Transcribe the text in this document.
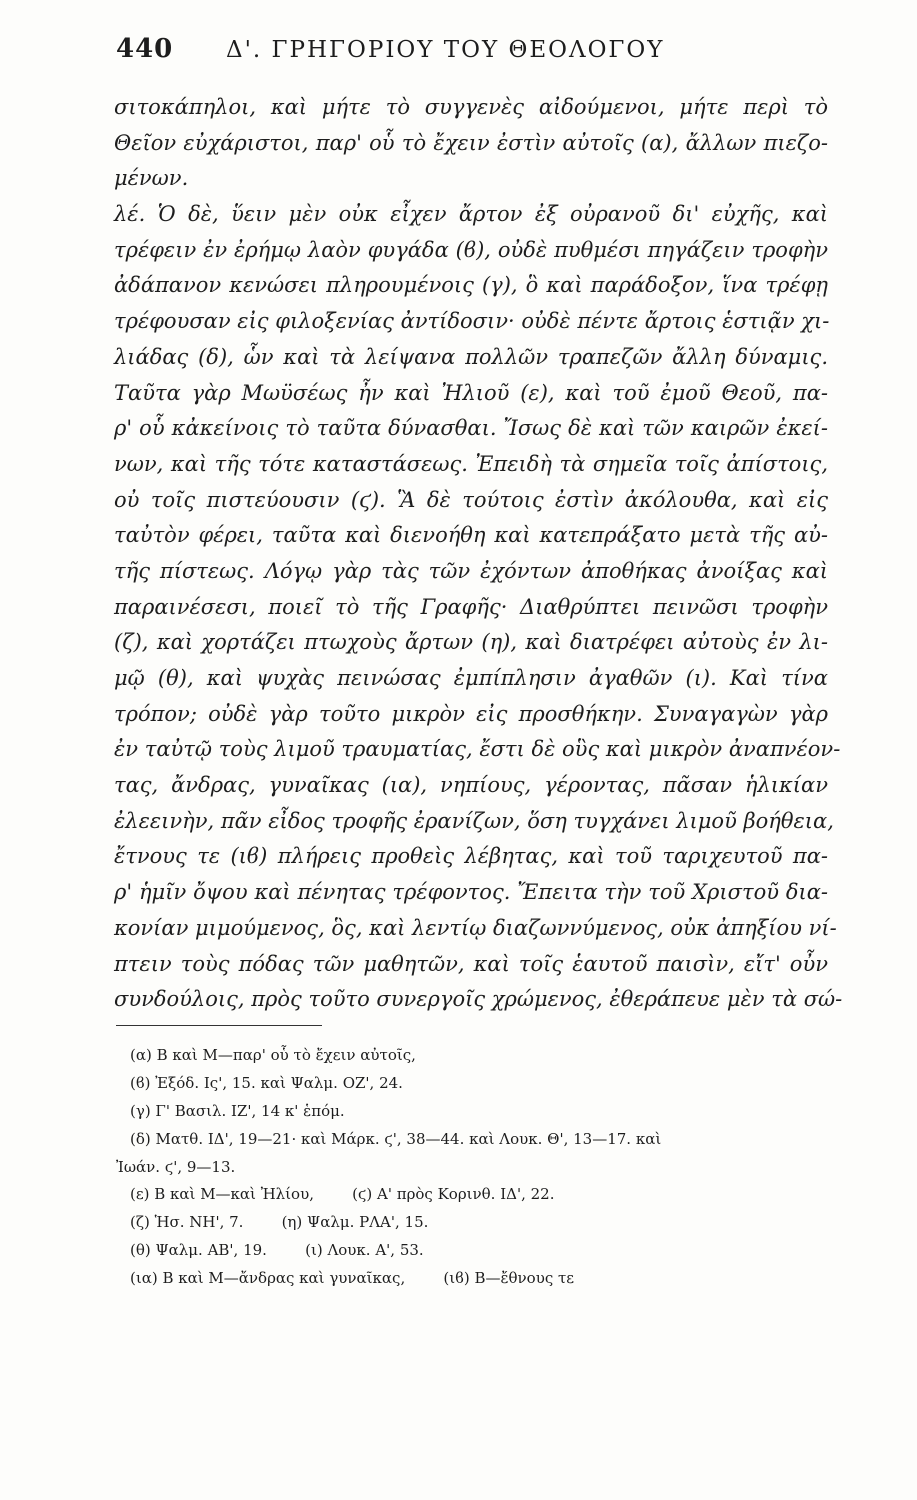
440 Δ'. ΓΡΗΓΟΡΙΟΥ ΤΟΥ ΘΕΟΛΟΓΟΥ
σιτοκάπηλοι, καὶ μήτε τὸ συγγενὲς αἰδούμενοι, μήτε περὶ τὸ
Θεῖον εὐχάριστοι, παρ' οὗ τὸ ἔχειν ἐστὶν αὐτοῖς (α), ἄλλων πιεζο-
μένων.
λέ. Ὁ δὲ, ὕειν μὲν οὐκ εἶχεν ἄρτον ἐξ οὐρανοῦ δι' εὐχῆς, καὶ
τρέφειν ἐν ἐρήμῳ λαὸν φυγάδα (ϐ), οὐδὲ πυθμέσι πηγάζειν τροφὴν
ἀδάπανον κενώσει πληρουμένοις (γ), ὃ καὶ παράδοξον, ἵνα τρέφῃ
τρέφουσαν εἰς φιλοξενίας ἀντίδοσιν· οὐδὲ πέντε ἄρτοις ἑστιᾷν χι-
λιάδας (δ), ὧν καὶ τὰ λείψανα πολλῶν τραπεζῶν ἄλλη δύναμις.
Ταῦτα γὰρ Μωϋσέως ἦν καὶ Ἠλιοῦ (ε), καὶ τοῦ ἐμοῦ Θεοῦ, πα-
ρ' οὗ κἀκείνοις τὸ ταῦτα δύνασθαι. Ἴσως δὲ καὶ τῶν καιρῶν ἐκεί-
νων, καὶ τῆς τότε καταστάσεως. Ἐπειδὴ τὰ σημεῖα τοῖς ἀπίστοις,
οὐ τοῖς πιστεύουσιν (ϛ). Ἃ δὲ τούτοις ἐστὶν ἀκόλουθα, καὶ εἰς
ταὐτὸν φέρει, ταῦτα καὶ διενοήθη καὶ κατεπράξατο μετὰ τῆς αὐ-
τῆς πίστεως. Λόγῳ γὰρ τὰς τῶν ἐχόντων ἀποθήκας ἀνοίξας καὶ
παραινέσεσι, ποιεῖ τὸ τῆς Γραφῆς· Διαθρύπτει πεινῶσι τροφὴν
(ζ), καὶ χορτάζει πτωχοὺς ἄρτων (η), καὶ διατρέφει αὐτοὺς ἐν λι-
μῷ (θ), καὶ ψυχὰς πεινώσας ἐμπίπλησιν ἀγαθῶν (ι). Καὶ τίνα
τρόπον; οὐδὲ γὰρ τοῦτο μικρὸν εἰς προσθήκην. Συναγαγὼν γὰρ
ἐν ταὐτῷ τοὺς λιμοῦ τραυματίας, ἔστι δὲ οὓς καὶ μικρὸν ἀναπνέον-
τας, ἄνδρας, γυναῖκας (ια), νηπίους, γέροντας, πᾶσαν ἡλικίαν
ἐλεεινὴν, πᾶν εἶδος τροφῆς ἐρανίζων, ὅση τυγχάνει λιμοῦ βοήθεια,
ἔτνους τε (ιϐ) πλήρεις προθεὶς λέβητας, καὶ τοῦ ταριχευτοῦ πα-
ρ' ἡμῖν ὄψου καὶ πένητας τρέφοντος. Ἔπειτα τὴν τοῦ Χριστοῦ δια-
κονίαν μιμούμενος, ὃς, καὶ λεντίῳ διαζωννύμενος, οὐκ ἀπηξίου νί-
πτειν τοὺς πόδας τῶν μαθητῶν, καὶ τοῖς ἑαυτοῦ παισὶν, εἴτ' οὖν
συνδούλοις, πρὸς τοῦτο συνεργοῖς χρώμενος, ἐθεράπευε μὲν τὰ σώ-
(α) Β καὶ Μ—παρ' οὗ τὸ ἔχειν αὐτοῖς,
(ϐ) Ἐξόδ. Ις', 15. καὶ Ψαλμ. ΟΖ', 24.
(γ) Γ' Βασιλ. ΙΖ', 14 κ' ἑπόμ.
(δ) Ματθ. ΙΔ', 19—21· καὶ Μάρκ. ϛ', 38—44. καὶ Λουκ. Θ', 13—17. καὶ
Ἰωάν. ϛ', 9—13.
(ε) Β καὶ Μ—καὶ Ἠλίου,        (ϛ) Α' πρὸς Κορινθ. ΙΔ', 22.
(ζ) Ἡσ. ΝΗ', 7.        (η) Ψαλμ. ΡΛΑ', 15.
(θ) Ψαλμ. ΑΒ', 19.        (ι) Λουκ. Α', 53.
(ια) Β καὶ Μ—ἄνδρας καὶ γυναῖκας,        (ιϐ) Β—ἔθνους τε
